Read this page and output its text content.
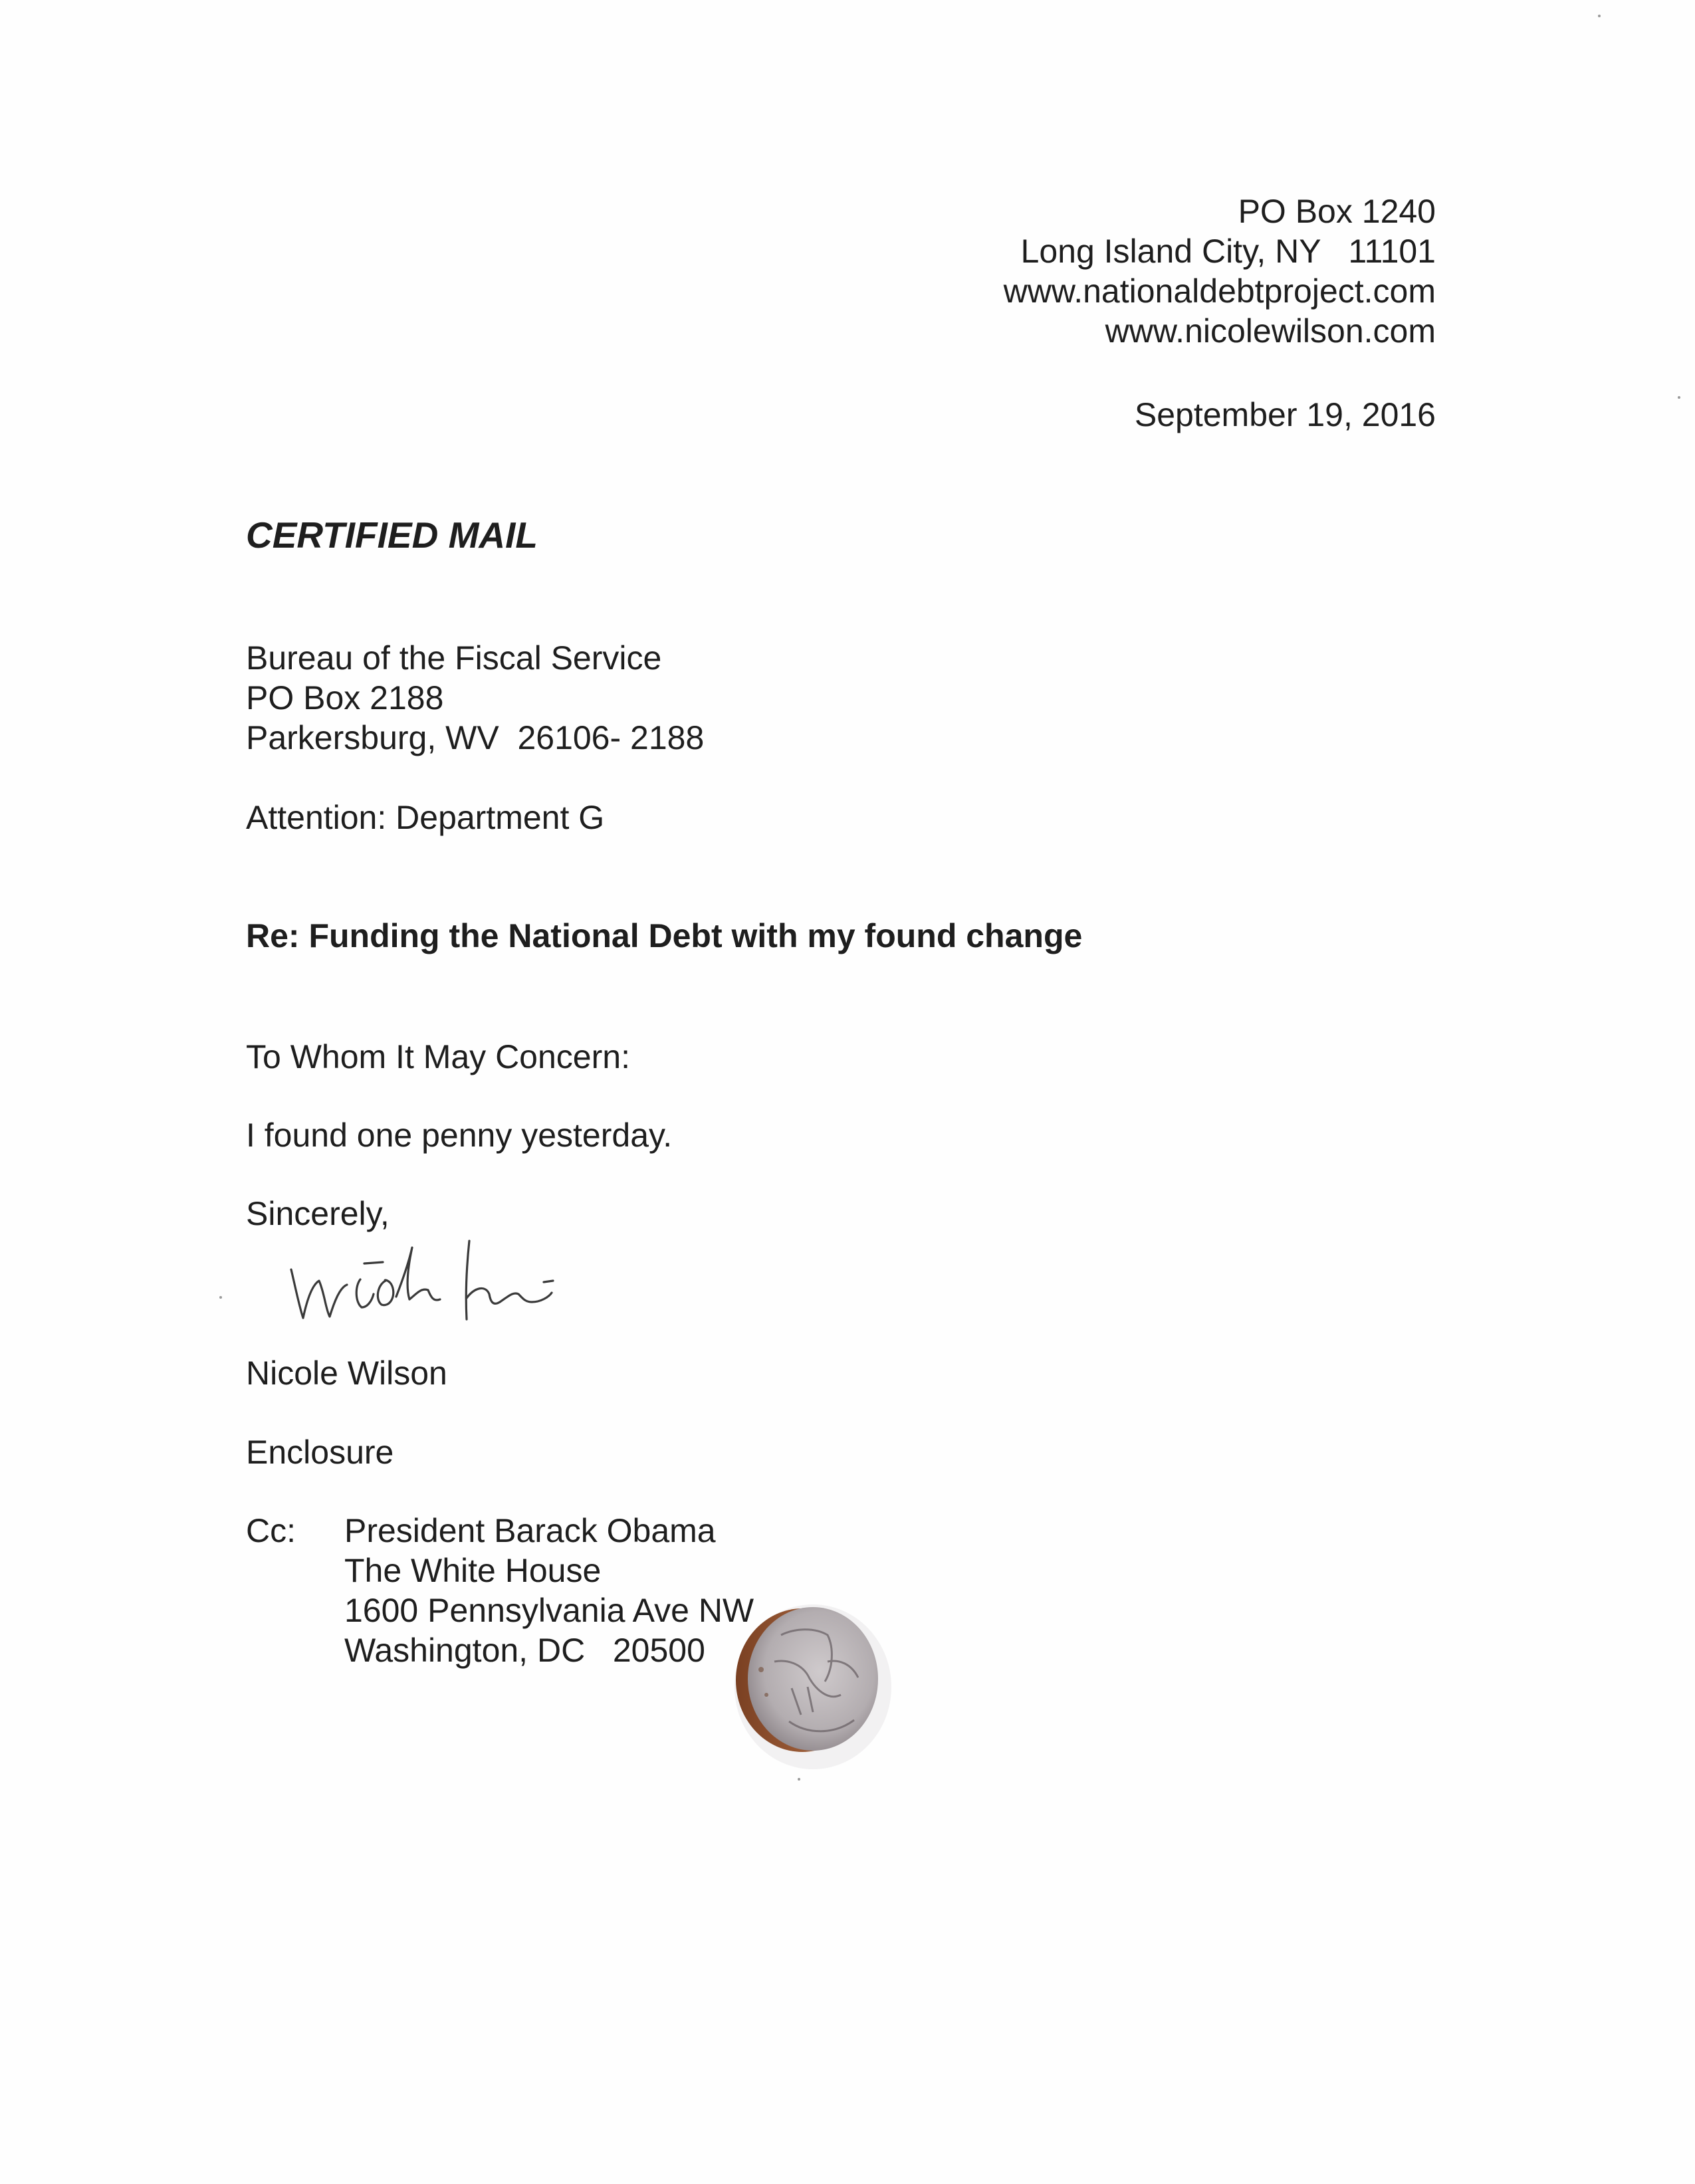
PO Box 1240
Long Island City, NY   11101
www.nationaldebtproject.com
www.nicolewilson.com
September 19, 2016
CERTIFIED MAIL
Bureau of the Fiscal Service
PO Box 2188
Parkersburg, WV  26106- 2188

Attention: Department G

Re: Funding the National Debt with my found change

To Whom It May Concern:

I found one penny yesterday.

Sincerely,

Nicole Wilson

Enclosure

Cc: President Barack Obama
The White House
1600 Pennsylvania Ave NW
Washington, DC   20500
